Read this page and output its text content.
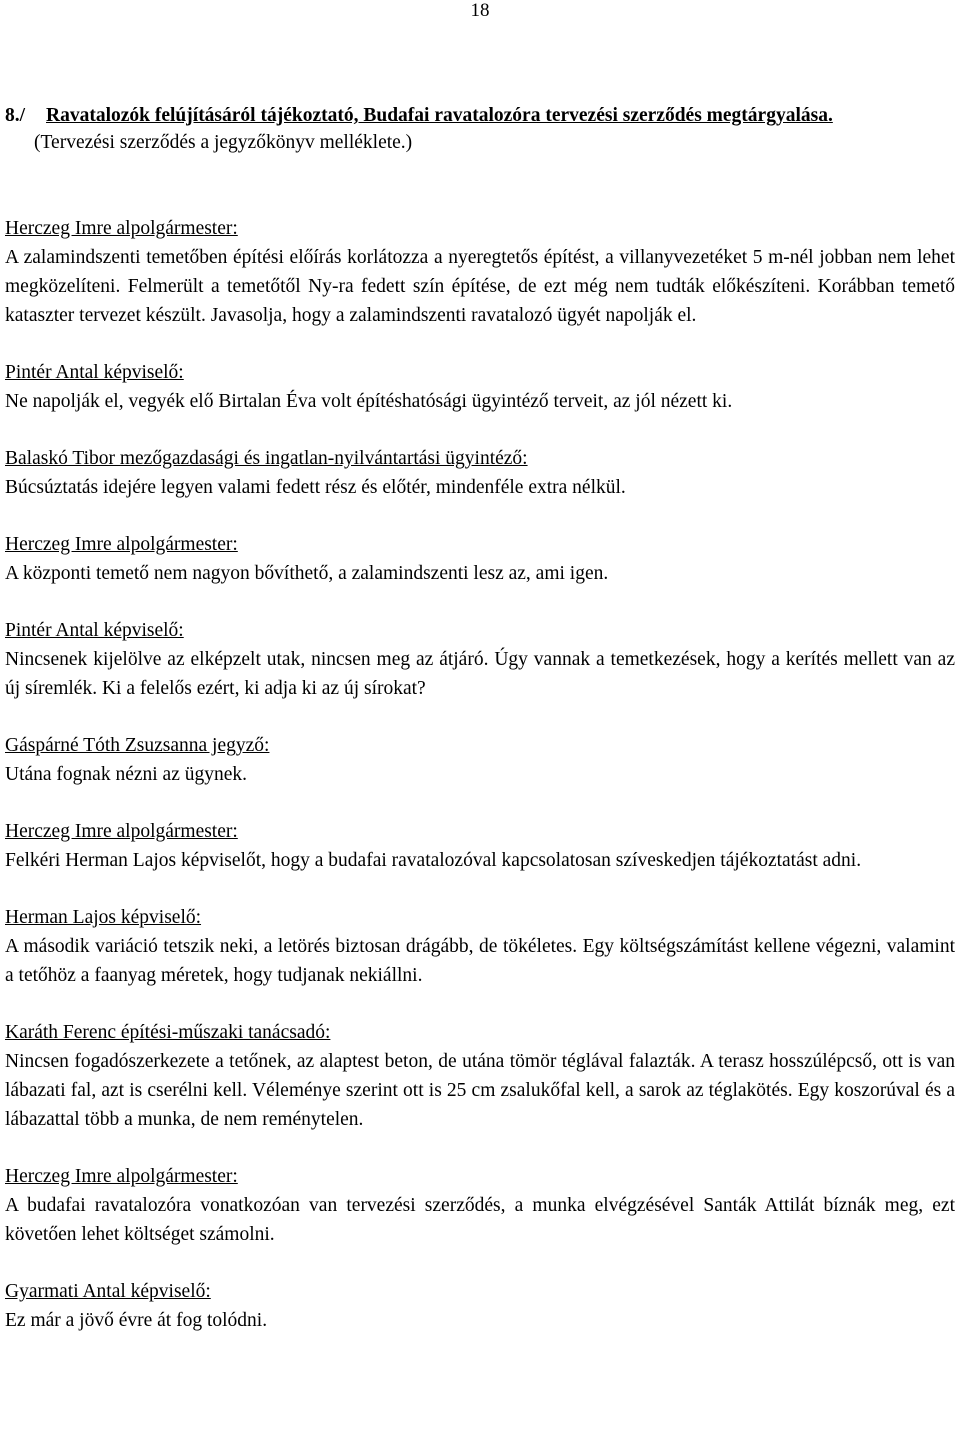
18
8./ Ravatalozók felújításáról tájékoztató, Budafai ravatalozóra tervezési szerződés megtárgyalása.
(Tervezési szerződés a jegyzőkönyv melléklete.)
Herczeg Imre alpolgármester:
A zalamindszenti temetőben építési előírás korlátozza a nyeregtetős építést, a villanyvezetéket 5 m-nél jobban nem lehet megközelíteni. Felmerült a temetőtől Ny-ra fedett szín építése, de ezt még nem tudták előkészíteni. Korábban temető kataszter tervezet készült. Javasolja, hogy a zalamindszenti ravatalozó ügyét napolják el.
Pintér Antal képviselő:
Ne napolják el, vegyék elő Birtalan Éva volt építéshatósági ügyintéző terveit, az jól nézett ki.
Balaskó Tibor mezőgazdasági és ingatlan-nyilvántartási ügyintéző:
Búcsúztatás idejére legyen valami fedett rész és előtér, mindenféle extra nélkül.
Herczeg Imre alpolgármester:
A központi temető nem nagyon bővíthető, a zalamindszenti lesz az, ami igen.
Pintér Antal képviselő:
Nincsenek kijelölve az elképzelt utak, nincsen meg az átjáró. Úgy vannak a temetkezések, hogy a kerítés mellett van az új síremlék. Ki a felelős ezért, ki adja ki az új sírokat?
Gáspárné Tóth Zsuzsanna jegyző:
Utána fognak nézni az ügynek.
Herczeg Imre alpolgármester:
Felkéri Herman Lajos képviselőt, hogy a budafai ravatalozóval kapcsolatosan szíveskedjen tájékoztatást adni.
Herman Lajos képviselő:
A második variáció tetszik neki, a letörés biztosan drágább, de tökéletes. Egy költségszámítást kellene végezni, valamint a tetőhöz a faanyag méretek, hogy tudjanak nekiállni.
Karáth Ferenc építési-műszaki tanácsadó:
Nincsen fogadószerkezete a tetőnek, az alaptest beton, de utána tömör téglával falazták. A terasz hosszúlépcső, ott is van lábazati fal, azt is cserélni kell. Véleménye szerint ott is 25 cm zsalukőfal kell, a sarok az téglakötés. Egy koszorúval és a lábazattal több a munka, de nem reménytelen.
Herczeg Imre alpolgármester:
A budafai ravatalozóra vonatkozóan van tervezési szerződés, a munka elvégzésével Santák Attilát bíznák meg, ezt követően lehet költséget számolni.
Gyarmati Antal képviselő:
Ez már a jövő évre át fog tolódni.
